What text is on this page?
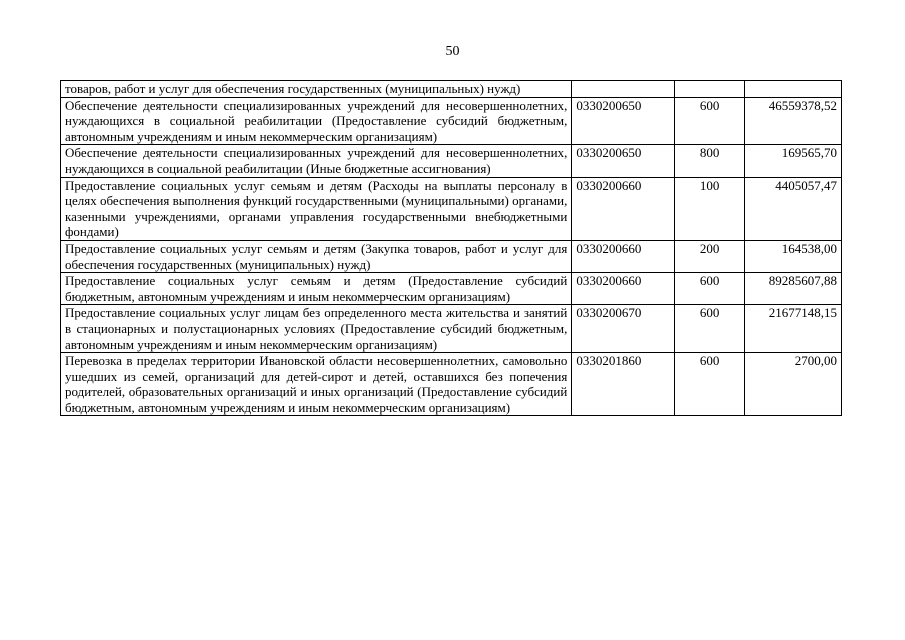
50
товаров, работ и услуг для обеспечения государственных (муниципальных) нужд)			
Обеспечение деятельности специализированных учреждений для несовершеннолетних, нуждающихся в социальной реабилитации (Предоставление субсидий бюджетным, автономным учреждениям и иным некоммерческим организациям)	0330200650	600	46559378,52
Обеспечение деятельности специализированных учреждений для несовершеннолетних, нуждающихся в социальной реабилитации (Иные бюджетные ассигнования)	0330200650	800	169565,70
Предоставление социальных услуг семьям и детям (Расходы на выплаты персоналу в целях обеспечения выполнения функций государственными (муниципальными) органами, казенными учреждениями, органами управления государственными внебюджетными фондами)	0330200660	100	4405057,47
Предоставление социальных услуг семьям и детям (Закупка товаров, работ и услуг для обеспечения государственных (муниципальных) нужд)	0330200660	200	164538,00
Предоставление социальных услуг семьям и детям (Предоставление субсидий бюджетным, автономным учреждениям и иным некоммерческим организациям)	0330200660	600	89285607,88
Предоставление социальных услуг лицам без определенного места жительства и занятий в стационарных и полустационарных условиях (Предоставление субсидий бюджетным, автономным учреждениям и иным некоммерческим организациям)	0330200670	600	21677148,15
Перевозка в пределах территории Ивановской области несовершеннолетних, самовольно ушедших из семей, организаций для детей-сирот и детей, оставшихся без попечения родителей, образовательных организаций и иных организаций (Предоставление субсидий бюджетным, автономным учреждениям и иным некоммерческим организациям)	0330201860	600	2700,00
